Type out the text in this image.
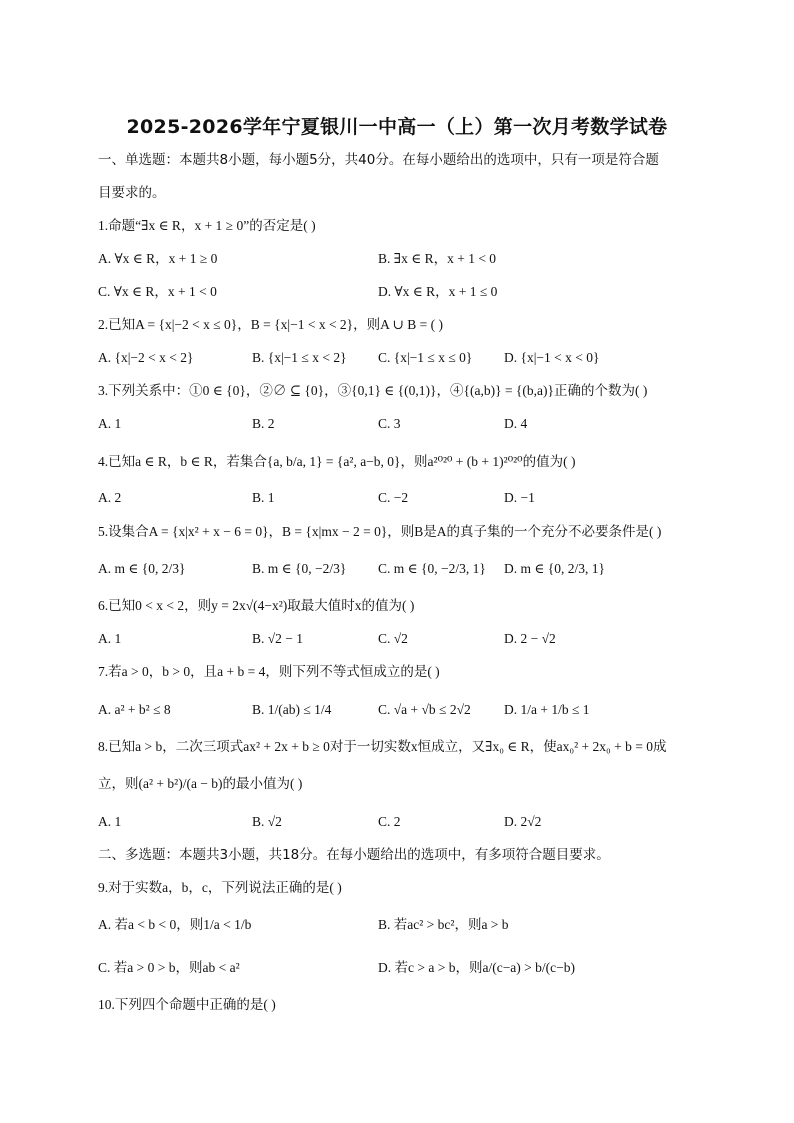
2025-2026学年宁夏银川一中高一（上）第一次月考数学试卷
一、单选题：本题共8小题，每小题5分，共40分。在每小题给出的选项中，只有一项是符合题
目要求的。
1.命题“∃x ∈ R，x + 1 ≥ 0”的否定是( )
A. ∀x ∈ R，x + 1 ≥ 0	B. ∃x ∈ R，x + 1 < 0
C. ∀x ∈ R，x + 1 < 0	D. ∀x ∈ R，x + 1 ≤ 0
2.已知A = {x|−2 < x ≤ 0}，B = {x|−1 < x < 2}，则A ∪ B = ( )
A. {x|−2 < x < 2}	B. {x|−1 ≤ x < 2} C. {x|−1 ≤ x ≤ 0} D. {x|−1 < x < 0}
3.下列关系中：①0 ∈ {0}，②∅ ⊆ {0}，③{0,1} ∈ {(0,1)}，④{(a,b)} = {(b,a)}正确的个数为( )
A. 1	B. 2	C. 3	D. 4
4.已知a ∈ R，b ∈ R，若集合{a, b/a, 1} = {a², a−b, 0}，则a²⁰²⁰ + (b + 1)²⁰²⁰的值为( )
A. 2	B. 1	C. −2	D. −1
5.设集合A = {x|x² + x − 6 = 0}，B = {x|mx − 2 = 0}，则B是A的真子集的一个充分不必要条件是( )
A. m ∈ {0, 2/3}	B. m ∈ {0, −2/3} C. m ∈ {0, −2/3, 1} D. m ∈ {0, 2/3, 1}
6.已知0 < x < 2，则y = 2x√(4−x²)取最大值时x的值为( )
A. 1	B. √2 − 1	C. √2	D. 2 − √2
7.若a > 0，b > 0，且a + b = 4，则下列不等式恒成立的是( )
A. a² + b² ≤ 8	B. 1/(ab) ≤ 1/4	C. √a + √b ≤ 2√2 D. 1/a + 1/b ≤ 1
8.已知a > b，二次三项式ax² + 2x + b ≥ 0对于一切实数x恒成立，又∃x₀ ∈ R，使ax₀² + 2x₀ + b = 0成
立，则(a² + b²)/(a − b)的最小值为( )
A. 1	B. √2	C. 2	D. 2√2
二、多选题：本题共3小题，共18分。在每小题给出的选项中，有多项符合题目要求。
9.对于实数a，b，c，下列说法正确的是( )
A. 若a < b < 0，则1/a < 1/b	B. 若ac² > bc²，则a > b
C. 若a > 0 > b，则ab < a²	D. 若c > a > b，则a/(c−a) > b/(c−b)
10.下列四个命题中正确的是( )
